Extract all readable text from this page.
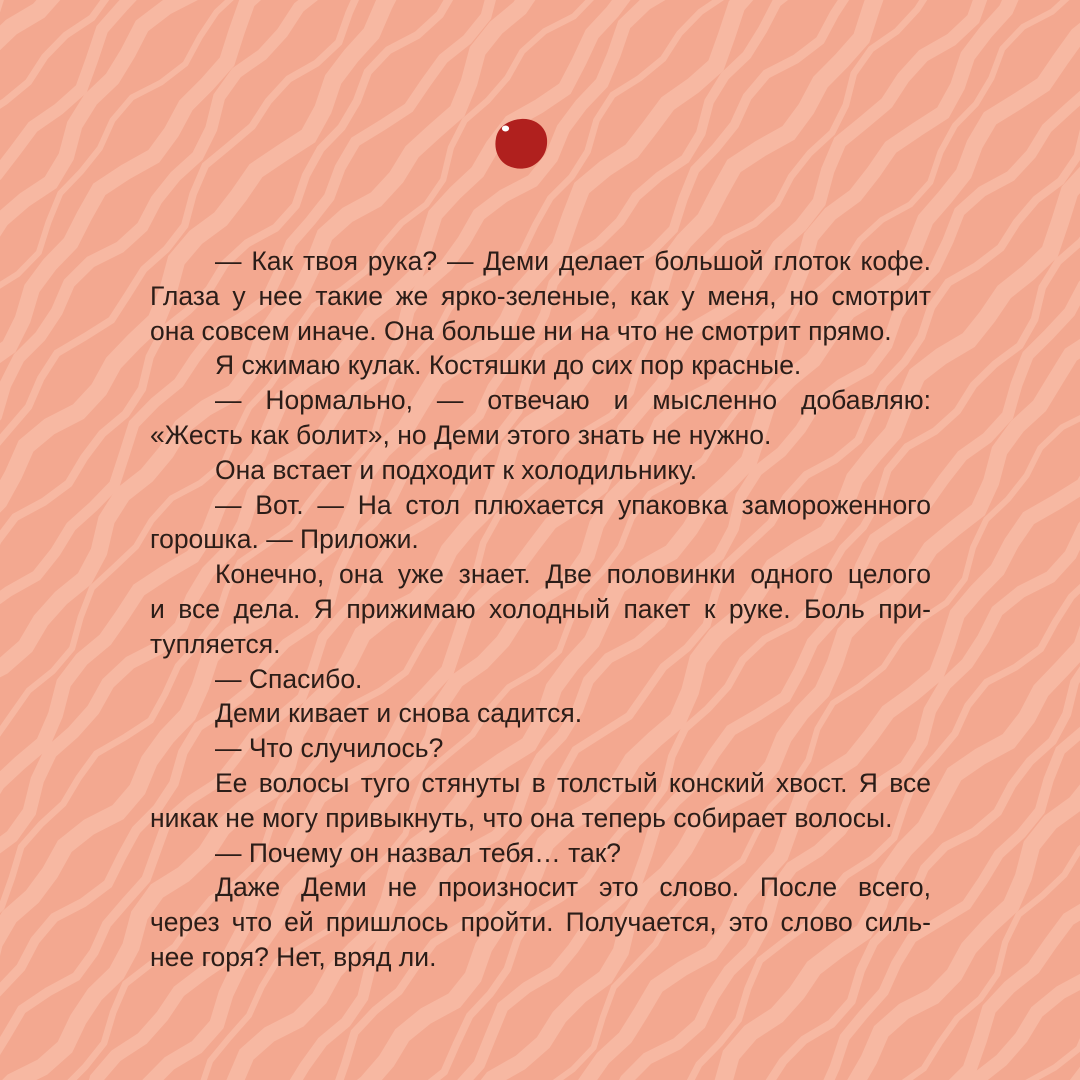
— Как твоя рука? — Деми делает большой глоток кофе.
Глаза у нее такие же ярко-зеленые, как у меня, но смотрит
она совсем иначе. Она больше ни на что не смотрит прямо.
Я сжимаю кулак. Костяшки до сих пор красные.
— Нормально, — отвечаю и мысленно добавляю:
«Жесть как болит», но Деми этого знать не нужно.
Она встает и подходит к холодильнику.
— Вот. — На стол плюхается упаковка замороженного
горошка. — Приложи.
Конечно, она уже знает. Две половинки одного целого
и все дела. Я прижимаю холодный пакет к руке. Боль при-
тупляется.
— Спасибо.
Деми кивает и снова садится.
— Что случилось?
Ее волосы туго стянуты в толстый конский хвост. Я все
никак не могу привыкнуть, что она теперь собирает волосы.
— Почему он назвал тебя… так?
Даже Деми не произносит это слово. После всего,
через что ей пришлось пройти. Получается, это слово силь-
нее горя? Нет, вряд ли.
